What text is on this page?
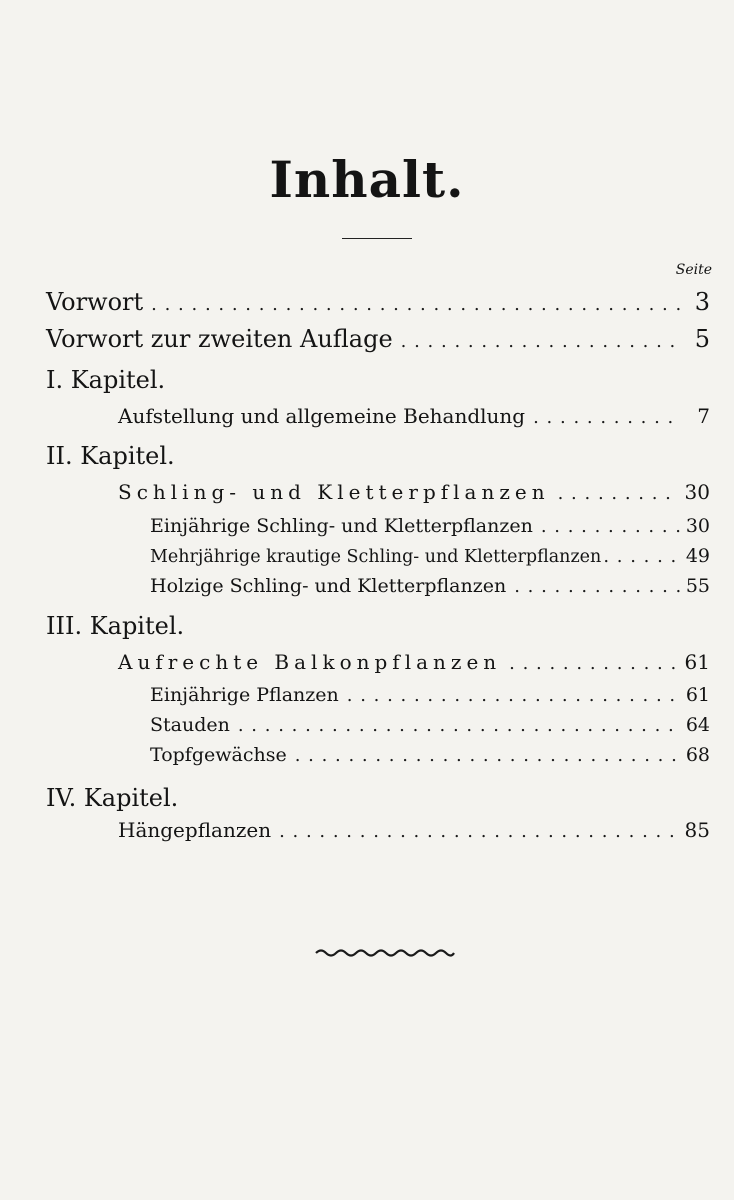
Inhalt.
Seite
Vorwort . . .	3
Vorwort zur zweiten Auflage . . .	5
I. Kapitel.
Aufstellung und allgemeine Behandlung . . .	7
II. Kapitel.
Schling- und Kletterpflanzen . . .	30
Einjährige Schling- und Kletterpflanzen . . .	30
Mehrjährige krautige Schling- und Kletterpflanzen . . .	49
Holzige Schling- und Kletterpflanzen . . .	55
III. Kapitel.
Aufrechte Balkonpflanzen . . .	61
Einjährige Pflanzen . . .	61
Stauden . . .	64
Topfgewächse . . .	68
IV. Kapitel.
Hängepflanzen . . .	85
